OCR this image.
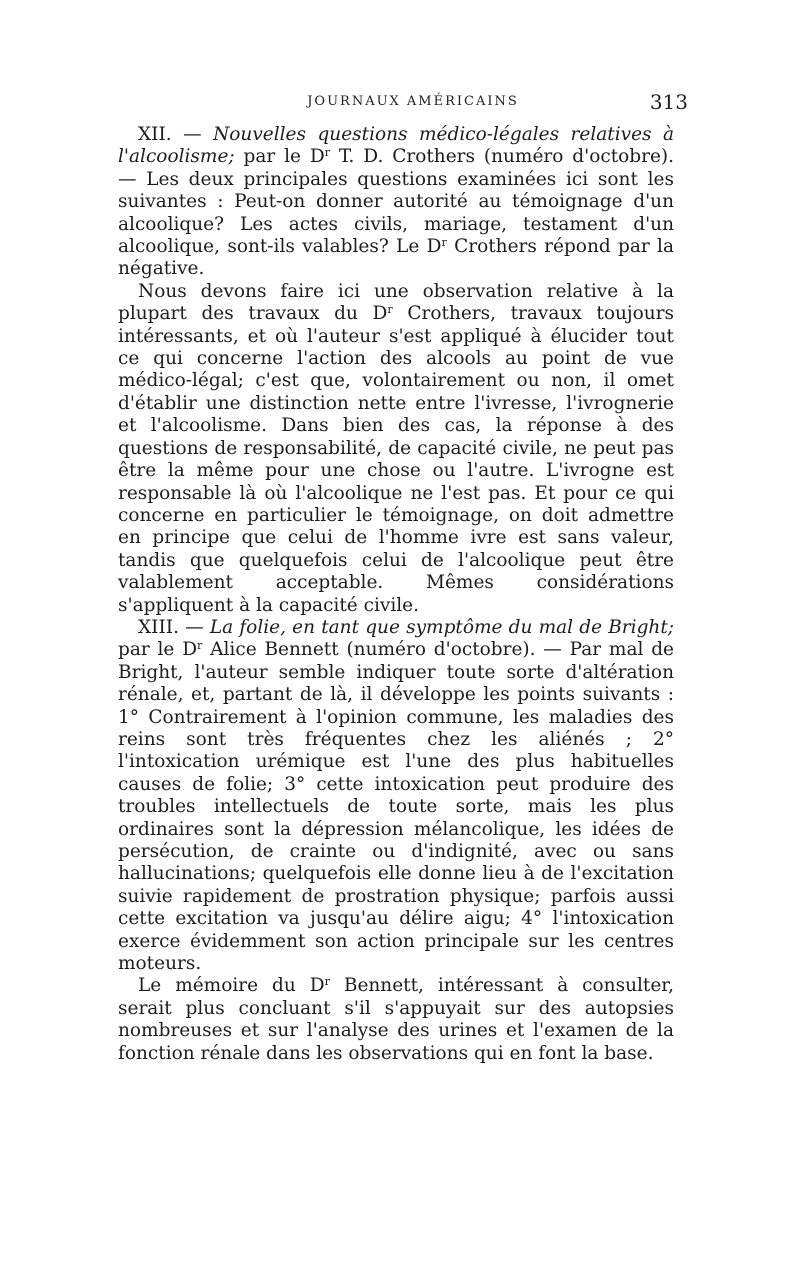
JOURNAUX AMÉRICAINS	313

XII. — Nouvelles questions médico-légales relatives à l'alcoolisme; par le $D^r$ T. D. Crothers (numéro d'octobre). — Les deux principales questions examinées ici sont les suivantes : Peut-on donner autorité au témoignage d'un alcoolique? Les actes civils, mariage, testament d'un alcoolique, sont-ils valables? Le $D^r$ Crothers répond par la négative.

Nous devons faire ici une observation relative à la plupart des travaux du $D^r$ Crothers, travaux toujours intéressants, et où l'auteur s'est appliqué à élucider tout ce qui concerne l'action des alcools au point de vue médico-légal; c'est que, volontairement ou non, il omet d'établir une distinction nette entre l'ivresse, l'ivrognerie et l'alcoolisme. Dans bien des cas, la réponse à des questions de responsabilité, de capacité civile, ne peut pas être la même pour une chose ou l'autre. L'ivrogne est responsable là où l'alcoolique ne l'est pas. Et pour ce qui concerne en particulier le témoignage, on doit admettre en principe que celui de l'homme ivre est sans valeur, tandis que quelquefois celui de l'alcoolique peut être valablement acceptable. Mêmes considérations s'appliquent à la capacité civile.

XIII. — La folie, en tant que symptôme du mal de Bright; par le $D^r$ Alice Bennett (numéro d'octobre). — Par mal de Bright, l'auteur semble indiquer toute sorte d'altération rénale, et, partant de là, il développe les points suivants : 1° Contrairement à l'opinion commune, les maladies des reins sont très fréquentes chez les aliénés ; 2° l'intoxication urémique est l'une des plus habituelles causes de folie; 3° cette intoxication peut produire des troubles intellectuels de toute sorte, mais les plus ordinaires sont la dépression mélancolique, les idées de persécution, de crainte ou d'indignité, avec ou sans hallucinations; quelquefois elle donne lieu à de l'excitation suivie rapidement de prostration physique; parfois aussi cette excitation va jusqu'au délire aigu; 4° l'intoxication exerce évidemment son action principale sur les centres moteurs.

Le mémoire du $D^r$ Bennett, intéressant à consulter, serait plus concluant s'il s'appuyait sur des autopsies nombreuses et sur l'analyse des urines et l'examen de la fonction rénale dans les observations qui en font la base.
